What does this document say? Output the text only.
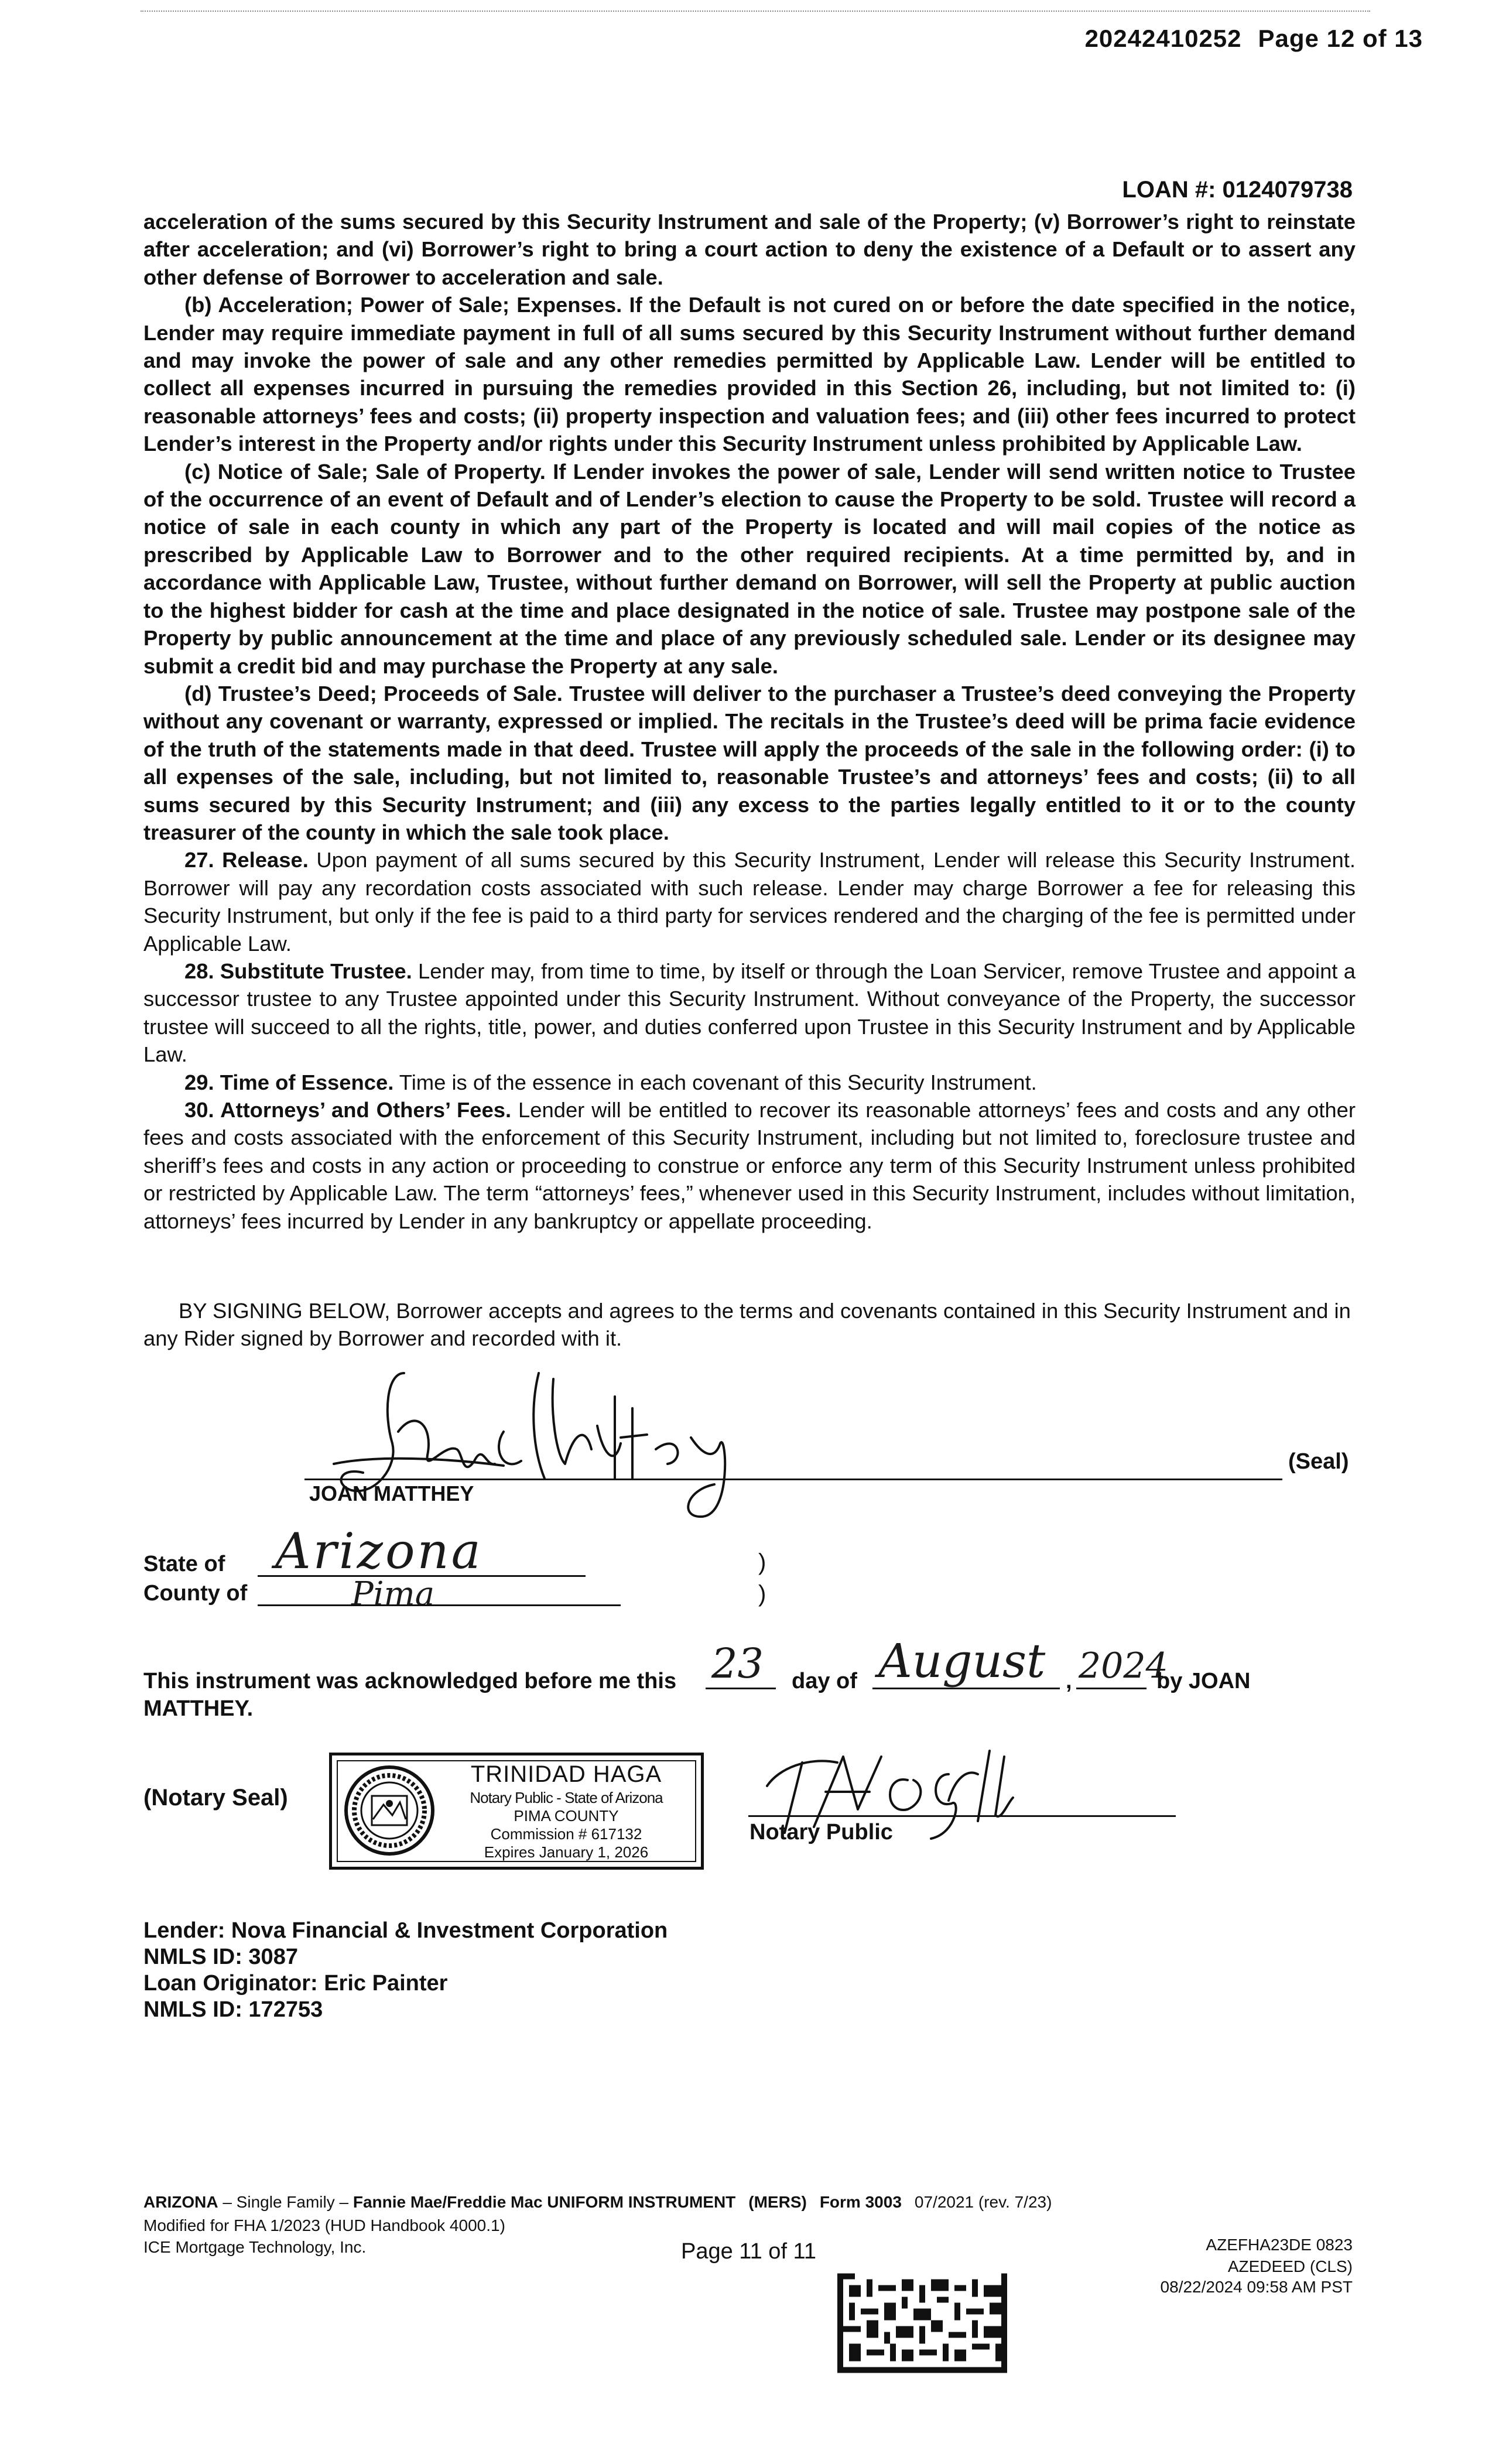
20242410252 Page 12 of 13
LOAN #: 0124079738

acceleration of the sums secured by this Security Instrument and sale of the Property; (v) Borrower’s right to reinstate after acceleration; and (vi) Borrower’s right to bring a court action to deny the existence of a Default or to assert any other defense of Borrower to acceleration and sale.

(b) Acceleration; Power of Sale; Expenses. If the Default is not cured on or before the date specified in the notice, Lender may require immediate payment in full of all sums secured by this Security Instrument without further demand and may invoke the power of sale and any other remedies permitted by Applicable Law. Lender will be entitled to collect all expenses incurred in pursuing the remedies provided in this Section 26, including, but not limited to: (i) reasonable attorneys’ fees and costs; (ii) property inspection and valuation fees; and (iii) other fees incurred to protect Lender’s interest in the Property and/or rights under this Security Instrument unless prohibited by Applicable Law.

(c) Notice of Sale; Sale of Property. If Lender invokes the power of sale, Lender will send written notice to Trustee of the occurrence of an event of Default and of Lender’s election to cause the Property to be sold. Trustee will record a notice of sale in each county in which any part of the Property is located and will mail copies of the notice as prescribed by Applicable Law to Borrower and to the other required recipients. At a time permitted by, and in accordance with Applicable Law, Trustee, without further demand on Borrower, will sell the Property at public auction to the highest bidder for cash at the time and place designated in the notice of sale. Trustee may postpone sale of the Property by public announcement at the time and place of any previously scheduled sale. Lender or its designee may submit a credit bid and may purchase the Property at any sale.

(d) Trustee’s Deed; Proceeds of Sale. Trustee will deliver to the purchaser a Trustee’s deed conveying the Property without any covenant or warranty, expressed or implied. The recitals in the Trustee’s deed will be prima facie evidence of the truth of the statements made in that deed. Trustee will apply the proceeds of the sale in the following order: (i) to all expenses of the sale, including, but not limited to, reasonable Trustee’s and attorneys’ fees and costs; (ii) to all sums secured by this Security Instrument; and (iii) any excess to the parties legally entitled to it or to the county treasurer of the county in which the sale took place.

27. Release. Upon payment of all sums secured by this Security Instrument, Lender will release this Security Instrument. Borrower will pay any recordation costs associated with such release. Lender may charge Borrower a fee for releasing this Security Instrument, but only if the fee is paid to a third party for services rendered and the charging of the fee is permitted under Applicable Law.

28. Substitute Trustee. Lender may, from time to time, by itself or through the Loan Servicer, remove Trustee and appoint a successor trustee to any Trustee appointed under this Security Instrument. Without conveyance of the Property, the successor trustee will succeed to all the rights, title, power, and duties conferred upon Trustee in this Security Instrument and by Applicable Law.

29. Time of Essence. Time is of the essence in each covenant of this Security Instrument.

30. Attorneys’ and Others’ Fees. Lender will be entitled to recover its reasonable attorneys’ fees and costs and any other fees and costs associated with the enforcement of this Security Instrument, including but not limited to, foreclosure trustee and sheriff’s fees and costs in any action or proceeding to construe or enforce any term of this Security Instrument unless prohibited or restricted by Applicable Law. The term “attorneys’ fees,” whenever used in this Security Instrument, includes without limitation, attorneys’ fees incurred by Lender in any bankruptcy or appellate proceeding.

BY SIGNING BELOW, Borrower accepts and agrees to the terms and covenants contained in this Security Instrument and in any Rider signed by Borrower and recorded with it.
(Seal)
JOAN MATTHEY
State of Arizona	)
County of	Pima	)
This instrument was acknowledged before me this 23 day of August , 2024
by JOAN
MATTHEY.
(Notary Seal)
TRINIDAD HAGA
Notary Public - State of Arizona
PIMA COUNTY
Commission # 617132
Expires January 1, 2026
Notary Public
Lender: Nova Financial & Investment Corporation
NMLS ID: 3087
Loan Originator: Eric Painter
NMLS ID: 172753
ARIZONA – Single Family – Fannie Mae/Freddie Mac UNIFORM INSTRUMENT (MERS) Form 3003 07/2021 (rev. 7/23)
Modified for FHA 1/2023 (HUD Handbook 4000.1)
ICE Mortgage Technology, Inc.	Page 11 of 11	AZEFHA23DE 0823
AZEDEED (CLS)
08/22/2024 09:58 AM PST
